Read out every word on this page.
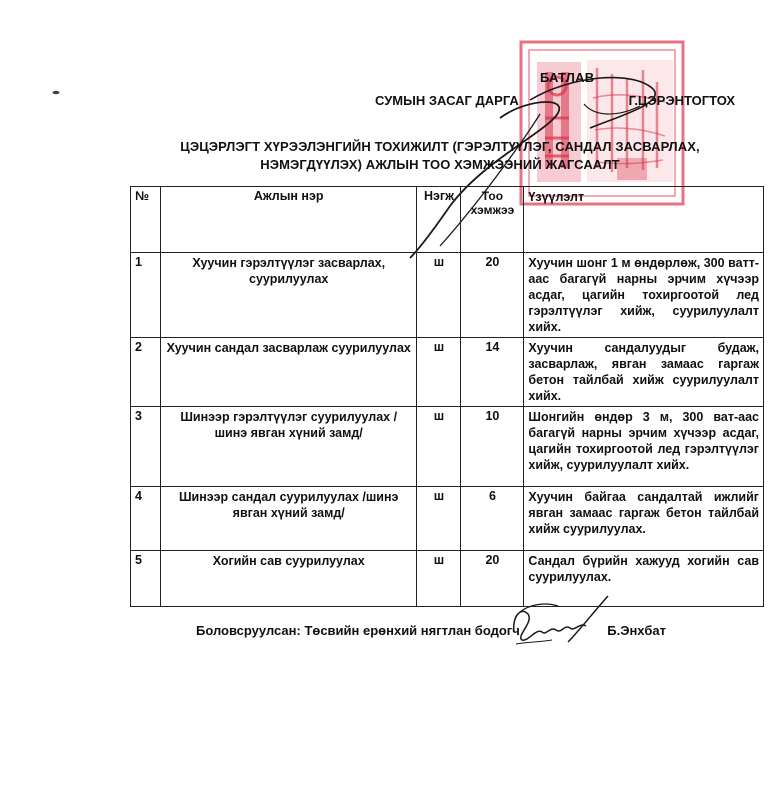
БАТЛАВ
СУМЫН ЗАСАГ ДАРГА	Г.ЦЭРЭНТОГТОХ
ЦЭЦЭРЛЭГТ ХҮРЭЭЛЭНГИЙН ТОХИЖИЛТ (ГЭРЭЛТҮҮЛЭГ, САНДАЛ ЗАСВАРЛАХ, НЭМЭГДҮҮЛЭХ) АЖЛЫН ТОО ХЭМЖЭЭНИЙ ЖАГСААЛТ
№	Ажлын нэр	Нэгж	Тоо хэмжээ	Үзүүлэлт
1	Хуучин гэрэлтүүлэг засварлах, суурилуулах	ш	20	Хуучин шонг 1 м өндөрлөж, 300 ватт-аас багагүй нарны эрчим хүчээр асдаг, цагийн тохиргоотой лед гэрэлтүүлэг хийж, суурилуулалт хийх.
2	Хуучин сандал засварлаж суурилуулах	ш	14	Хуучин сандалуудыг будаж, засварлаж, явган замаас гаргаж бетон тайлбай хийж суурилуулалт хийх.
3	Шинээр гэрэлтүүлэг суурилуулах /шинэ явган хүний замд/	ш	10	Шонгийн өндөр 3 м, 300 ват-аас багагүй нарны эрчим хүчээр асдаг, цагийн тохиргоотой лед гэрэлтүүлэг хийж, суурилуулалт хийх.
4	Шинээр сандал суурилуулах /шинэ явган хүний замд/	ш	6	Хуучин байгаа сандалтай ижлийг явган замаас гаргаж бетон тайлбай хийж суурилуулах.
5	Хогийн сав суурилуулах	ш	20	Сандал бүрийн хажууд хогийн сав суурилуулах.
Боловсруулсан: Төсвийн ерөнхий нягтлан бодогч	Б.Энхбат
